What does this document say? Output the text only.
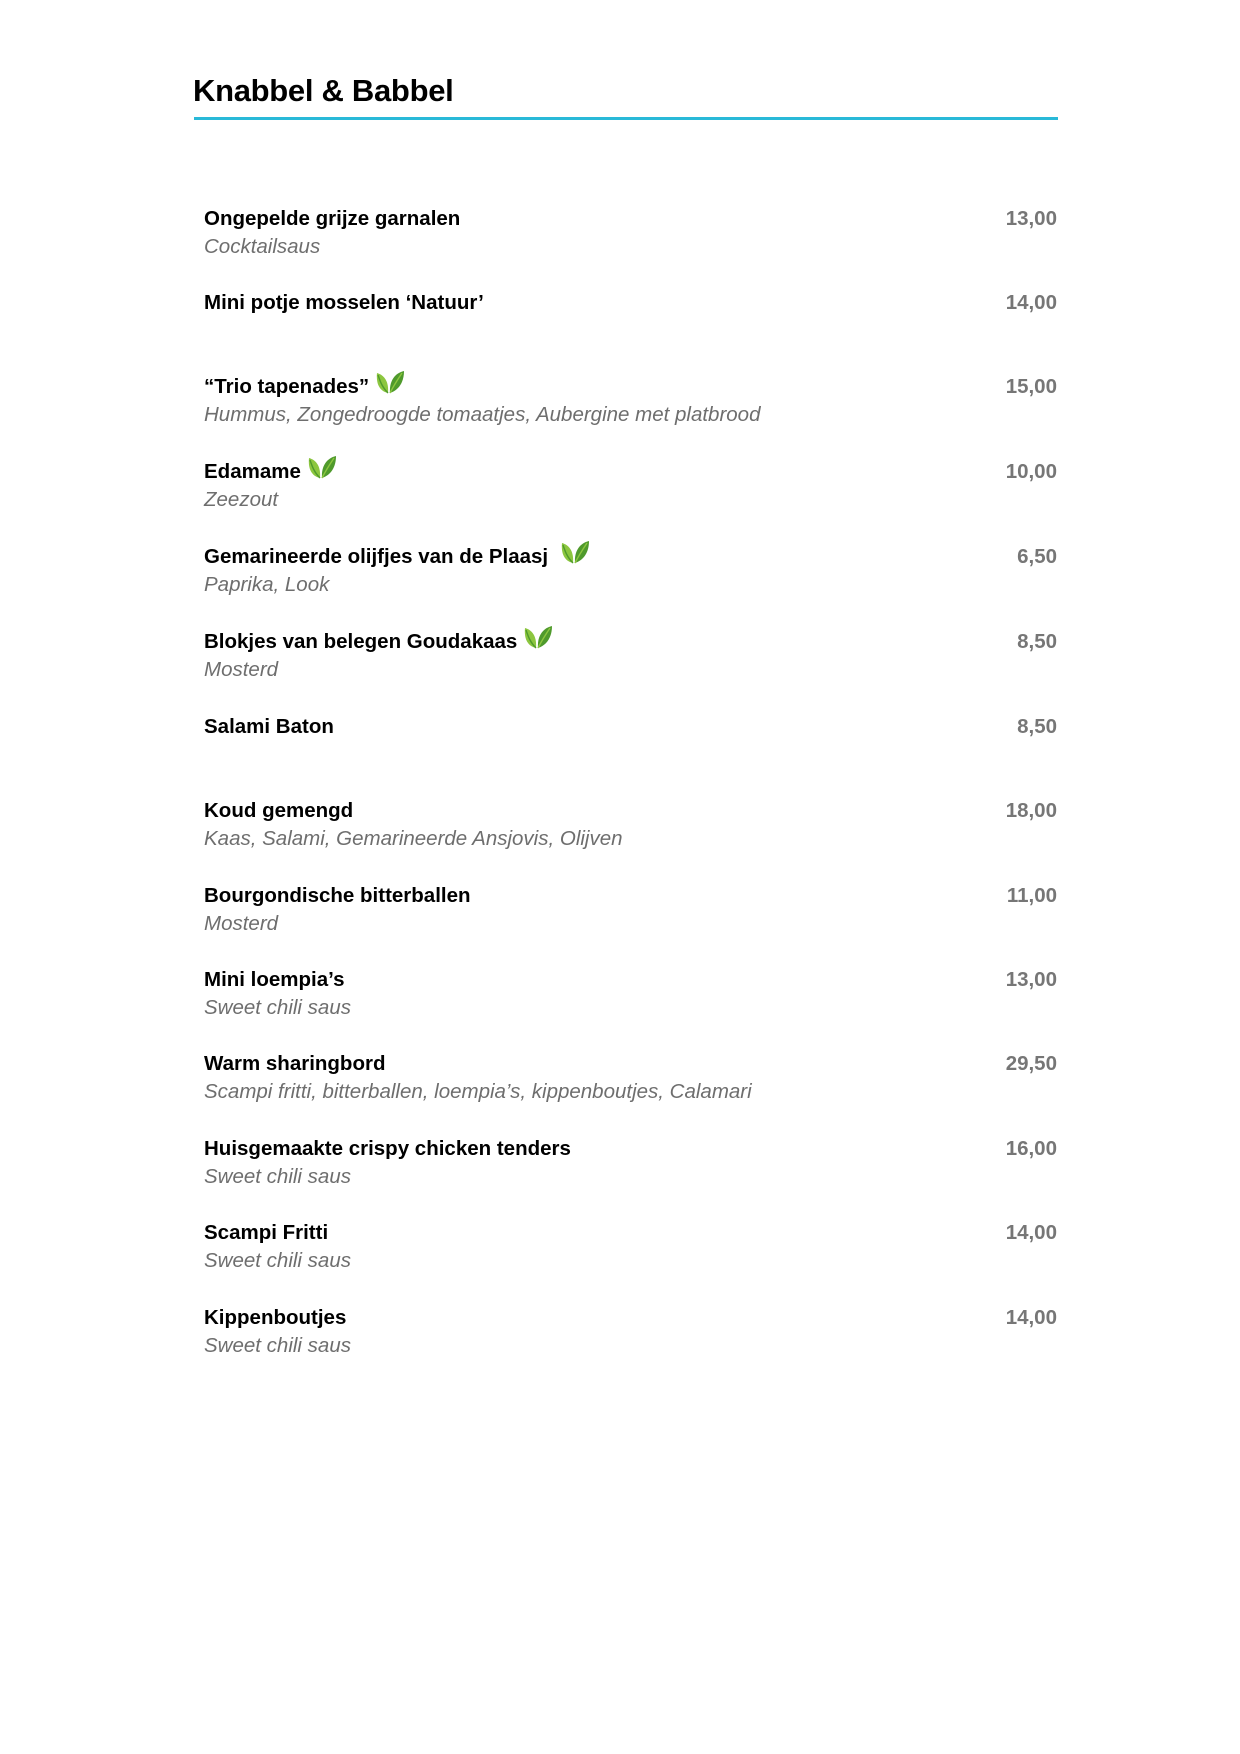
Knabbel & Babbel
Ongepelde grijze garnalen
Cocktailsaus
13,00
Mini potje mosselen ‘Natuur’	14,00
“Trio tapenades”
Hummus, Zongedroogde tomaatjes, Aubergine met platbrood
15,00
Edamame
Zeezout
10,00
Gemarineerde olijfjes van de Plaasj
Paprika, Look
6,50
Blokjes van belegen Goudakaas
Mosterd
8,50
Salami Baton	8,50
Koud gemengd
Kaas, Salami, Gemarineerde Ansjovis, Olijven
18,00
Bourgondische bitterballen
Mosterd
11,00
Mini loempia’s
Sweet chili saus
13,00
Warm sharingbord
Scampi fritti, bitterballen, loempia’s, kippenboutjes, Calamari
29,50
Huisgemaakte crispy chicken tenders
Sweet chili saus
16,00
Scampi Fritti
Sweet chili saus
14,00
Kippenboutjes
Sweet chili saus
14,00
